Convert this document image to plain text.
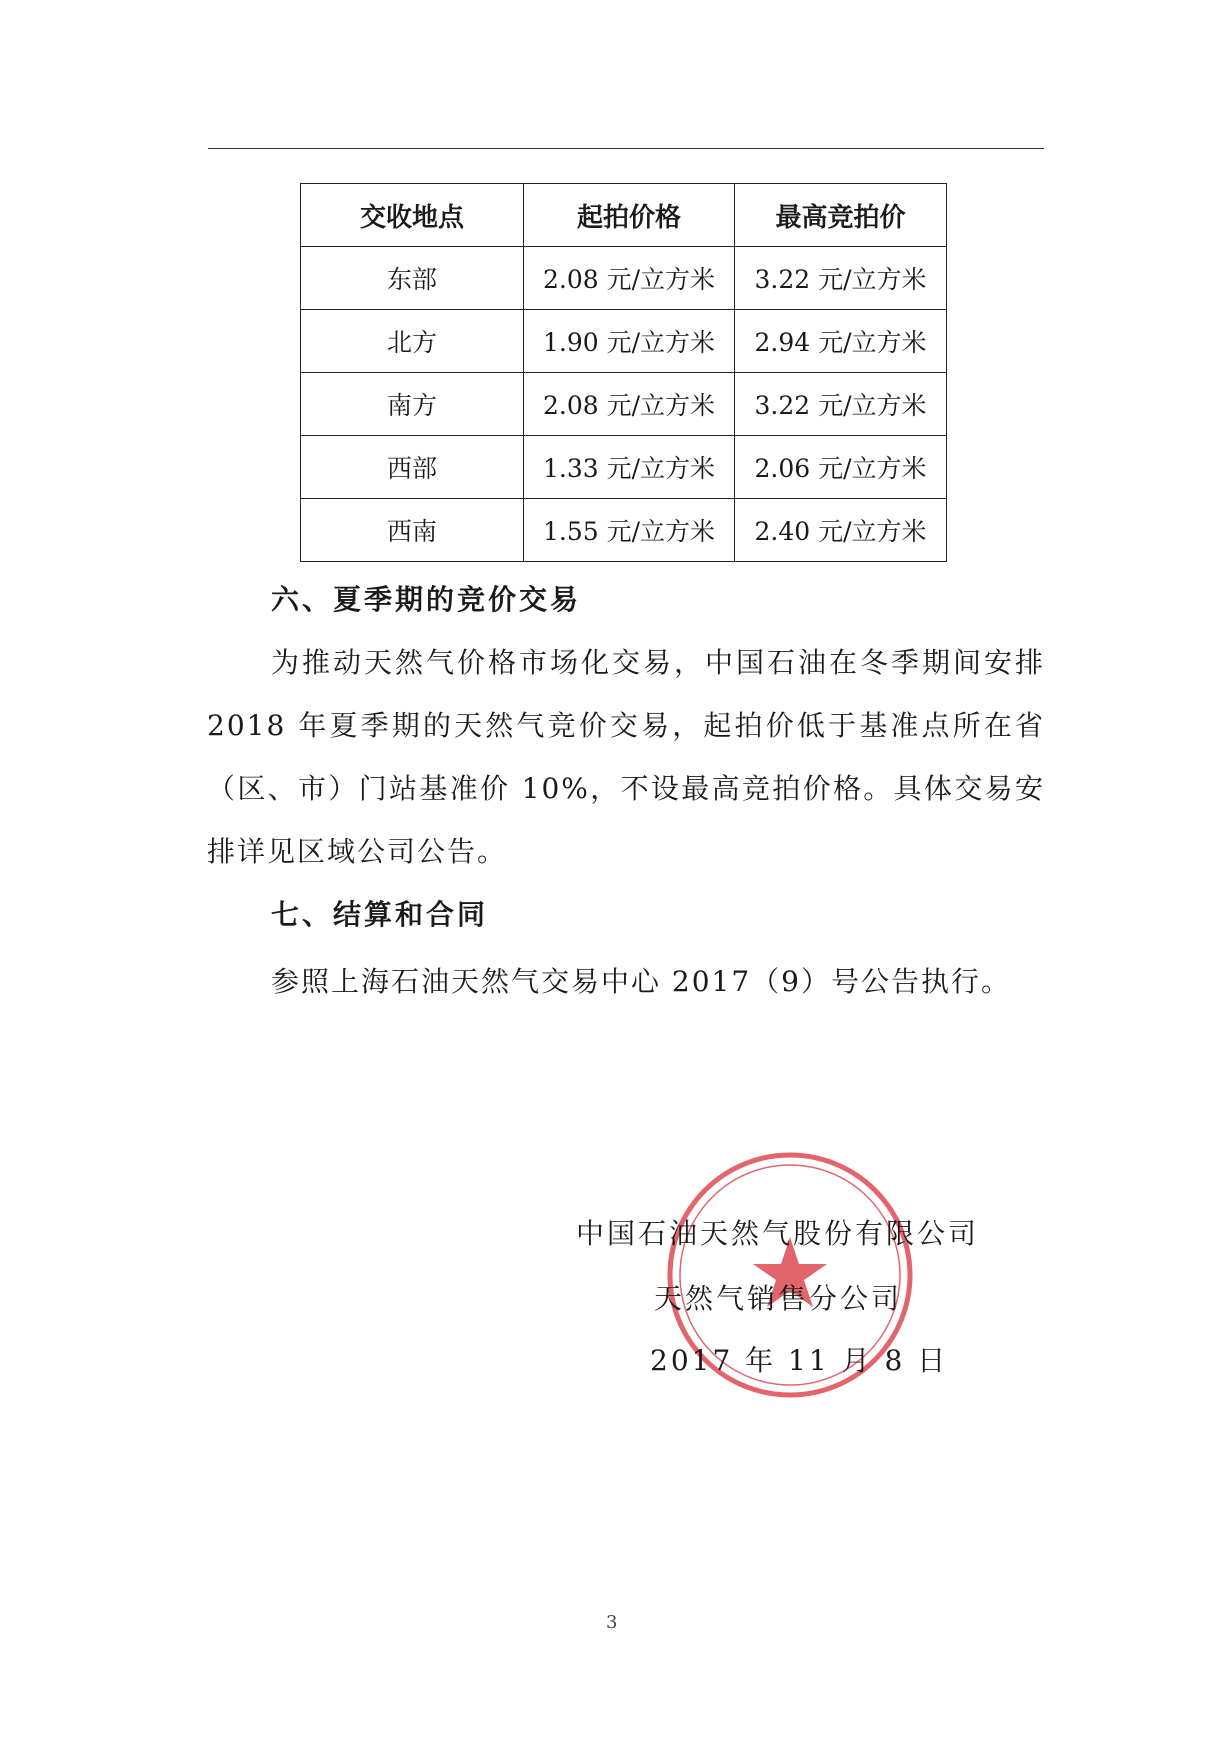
交收地点	起拍价格	最高竞拍价
东部	2.08 元/立方米	3.22 元/立方米
北方	1.90 元/立方米	2.94 元/立方米
南方	2.08 元/立方米	3.22 元/立方米
西部	1.33 元/立方米	2.06 元/立方米
西南	1.55 元/立方米	2.40 元/立方米
六、夏季期的竞价交易
为推动天然气价格市场化交易，中国石油在冬季期间安排 2018 年夏季期的天然气竞价交易，起拍价低于基准点所在省（区、市）门站基准价 10%，不设最高竞拍价格。具体交易安排详见区域公司公告。
七、结算和合同
参照上海石油天然气交易中心 2017（9）号公告执行。
中国石油天然气股份有限公司
天然气销售分公司
2017 年 11 月 8 日
3
